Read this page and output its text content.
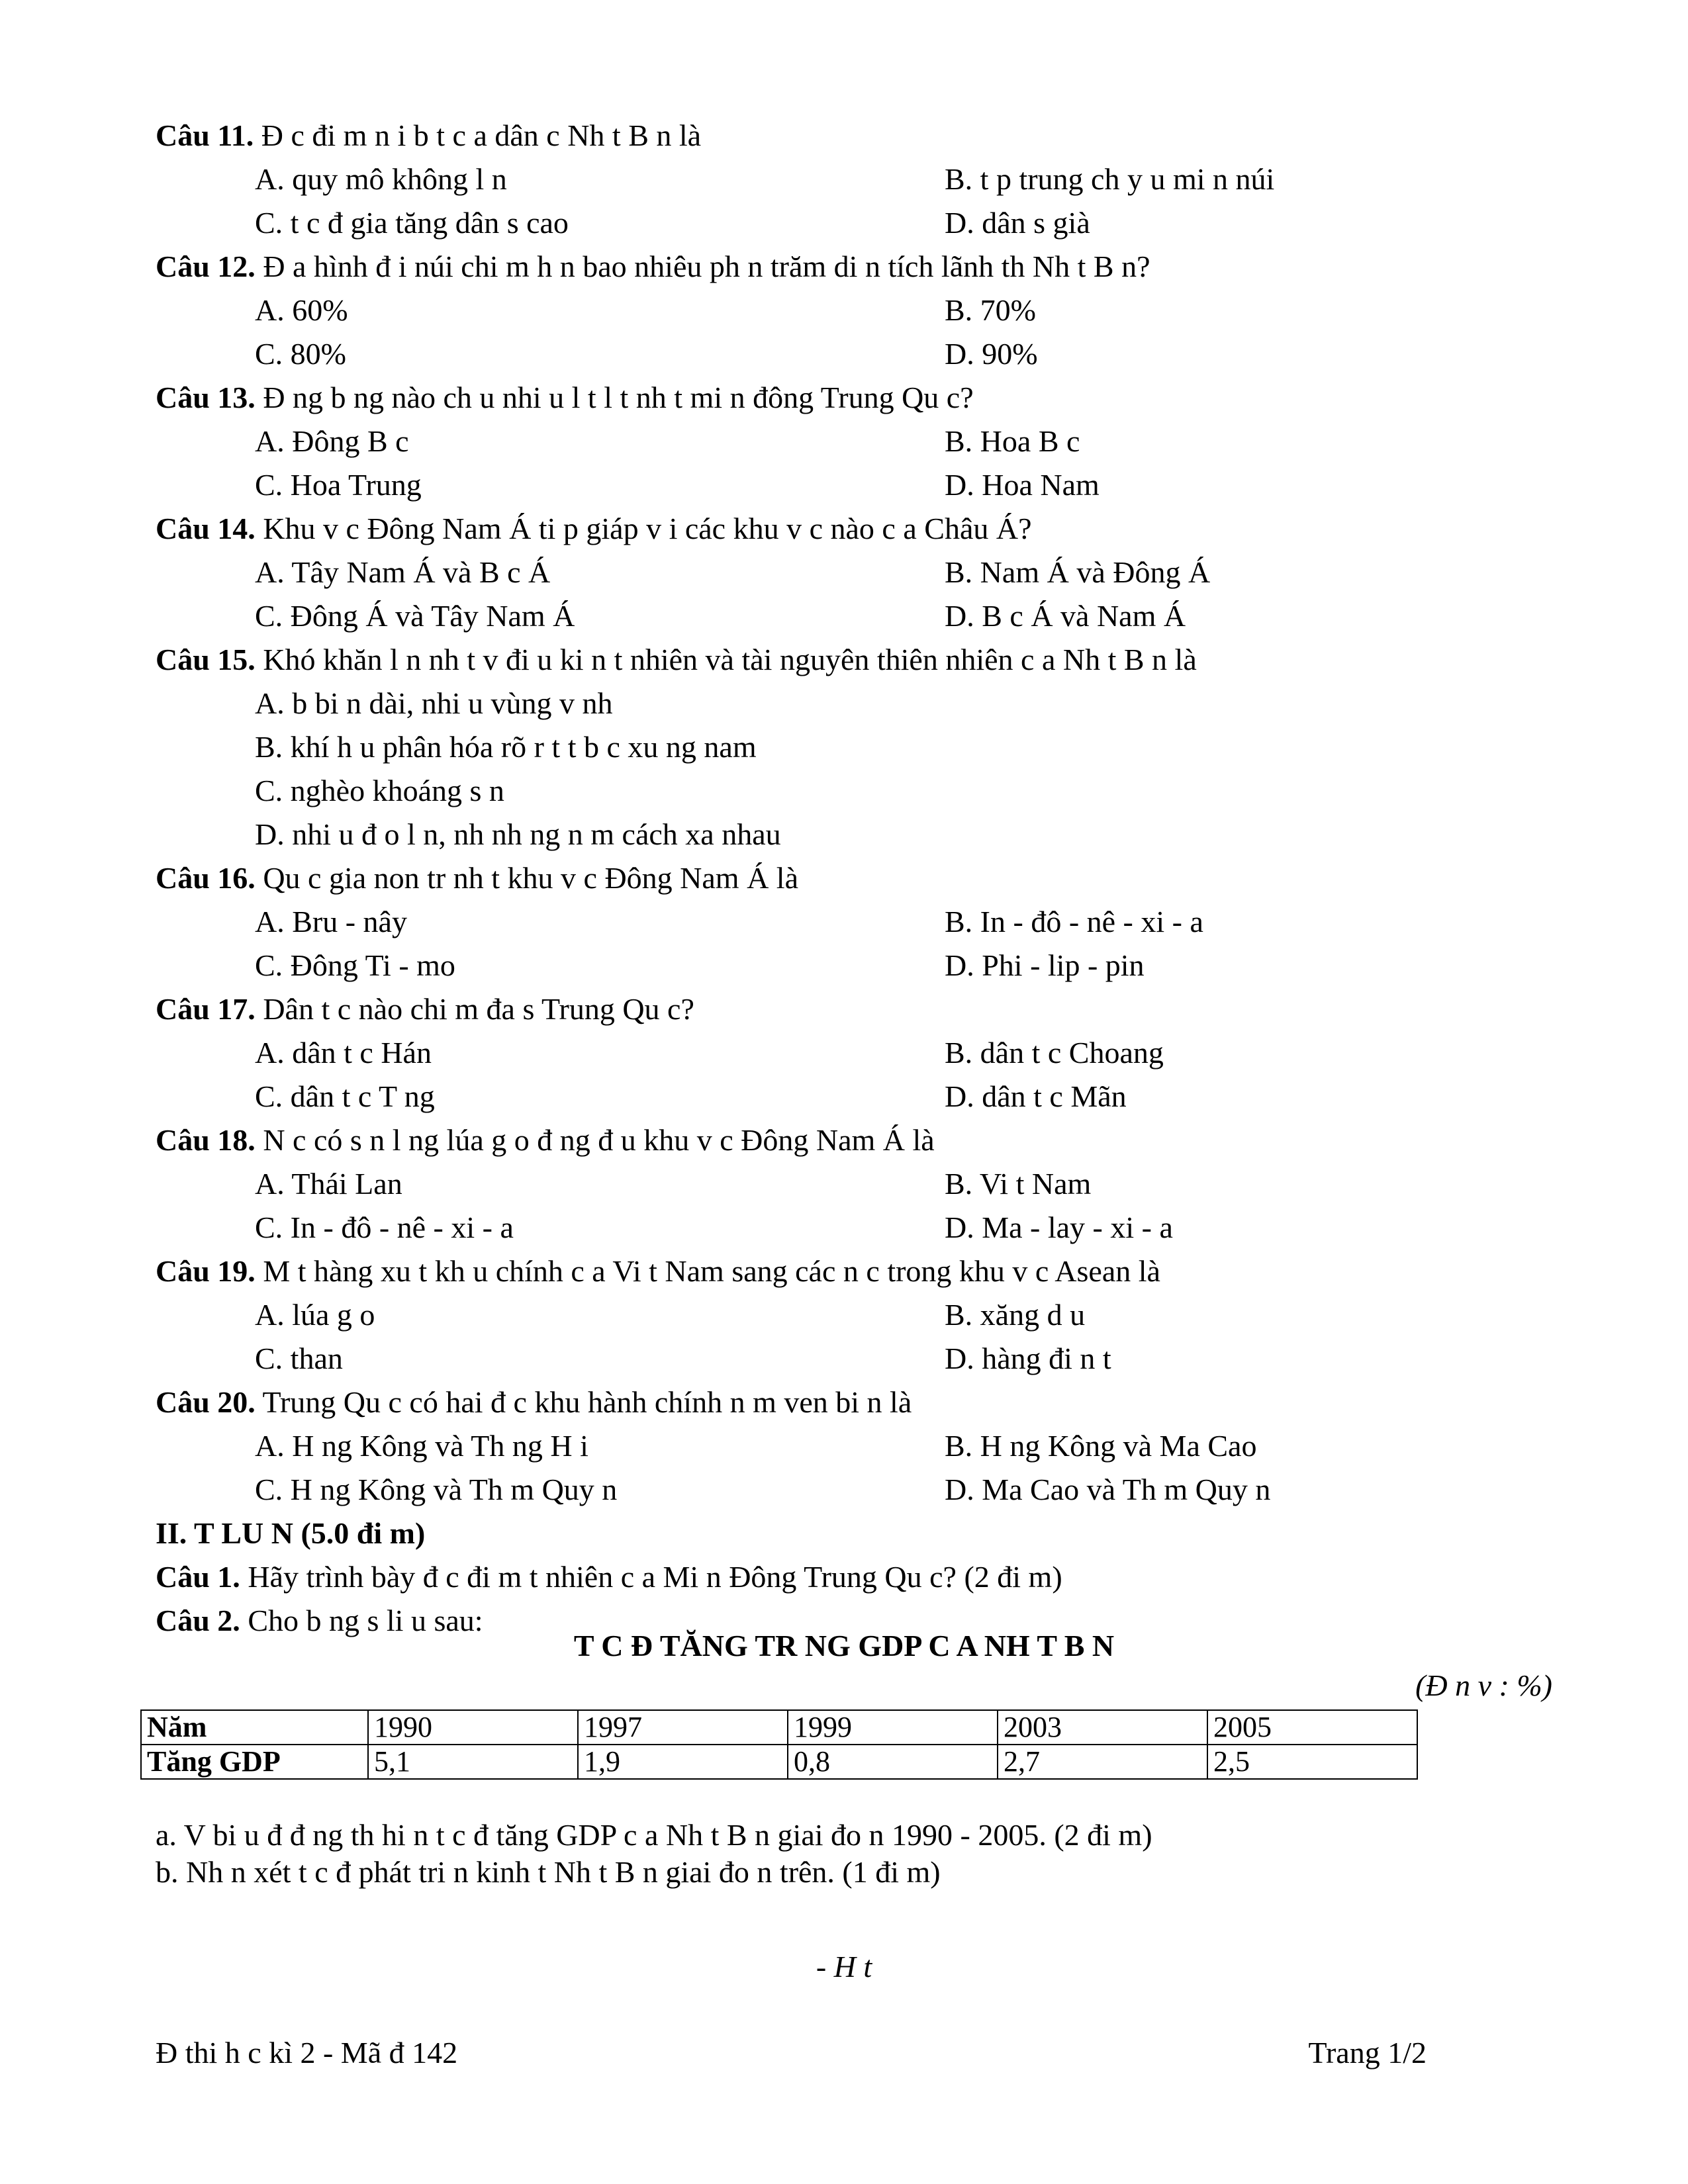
Câu 11. Đ c đi m n i b t c a dân c Nh t B n là
A. quy mô không l n	B. t p trung ch y u mi n núi
C. t c đ gia tăng dân s cao	D. dân s già
Câu 12. Đ a hình đ i núi chi m h n bao nhiêu ph n trăm di n tích lãnh th Nh t B n?
A. 60%	B. 70%
C. 80%	D. 90%
Câu 13. Đ ng b ng nào ch u nhi u l t l t nh t mi n đông Trung Qu c?
A. Đông B c	B. Hoa B c
C. Hoa Trung	D. Hoa Nam
Câu 14. Khu v c Đông Nam Á ti p giáp v i các khu v c nào c a Châu Á?
A. Tây Nam Á và B c Á	B. Nam Á và Đông Á
C. Đông Á và Tây Nam Á	D. B c Á và Nam Á
Câu 15. Khó khăn l n nh t v đi u ki n t nhiên và tài nguyên thiên nhiên c a Nh t B n là
A. b bi n dài, nhi u vùng v nh
B. khí h u phân hóa rõ r t t b c xu ng nam
C. nghèo khoáng s n
D. nhi u đ o l n, nh nh ng n m cách xa nhau
Câu 16. Qu c gia non tr nh t khu v c Đông Nam Á là
A. Bru - nây	B. In - đô - nê - xi - a
C. Đông Ti - mo	D. Phi - lip - pin
Câu 17. Dân t c nào chi m đa s Trung Qu c?
A. dân t c Hán	B. dân t c Choang
C. dân t c T ng	D. dân t c Mãn
Câu 18. N c có s n l ng lúa g o đ ng đ u khu v c Đông Nam Á là
A. Thái Lan	B. Vi t Nam
C. In - đô - nê - xi - a	D. Ma - lay - xi - a
Câu 19. M t hàng xu t kh u chính c a Vi t Nam sang các n c trong khu v c Asean là
A. lúa g o	B. xăng d u
C. than	D. hàng đi n t
Câu 20. Trung Qu c có hai đ c khu hành chính n m ven bi n là
A. H ng Kông và Th ng H i	B. H ng Kông và Ma Cao
C. H ng Kông và Th m Quy n	D. Ma Cao và Th m Quy n
II. T LU N (5.0 đi m)
Câu 1. Hãy trình bày đ c đi m t nhiên c a Mi n Đông Trung Qu c? (2 đi m)
Câu 2. Cho b ng s li u sau:
T C Đ TĂNG TR NG GDP C A NH T B N
(Đ n v : %)
Năm	1990	1997	1999	2003	2005
Tăng GDP	5,1	1,9	0,8	2,7	2,5
a. V bi u đ đ ng th hi n t c đ tăng GDP c a Nh t B n giai đo n 1990 - 2005. (2 đi m)
b. Nh n xét t c đ phát tri n kinh t Nh t B n giai đo n trên. (1 đi m)
- H t
Đ thi h c kì 2 - Mã đ 142	Trang 1/2
